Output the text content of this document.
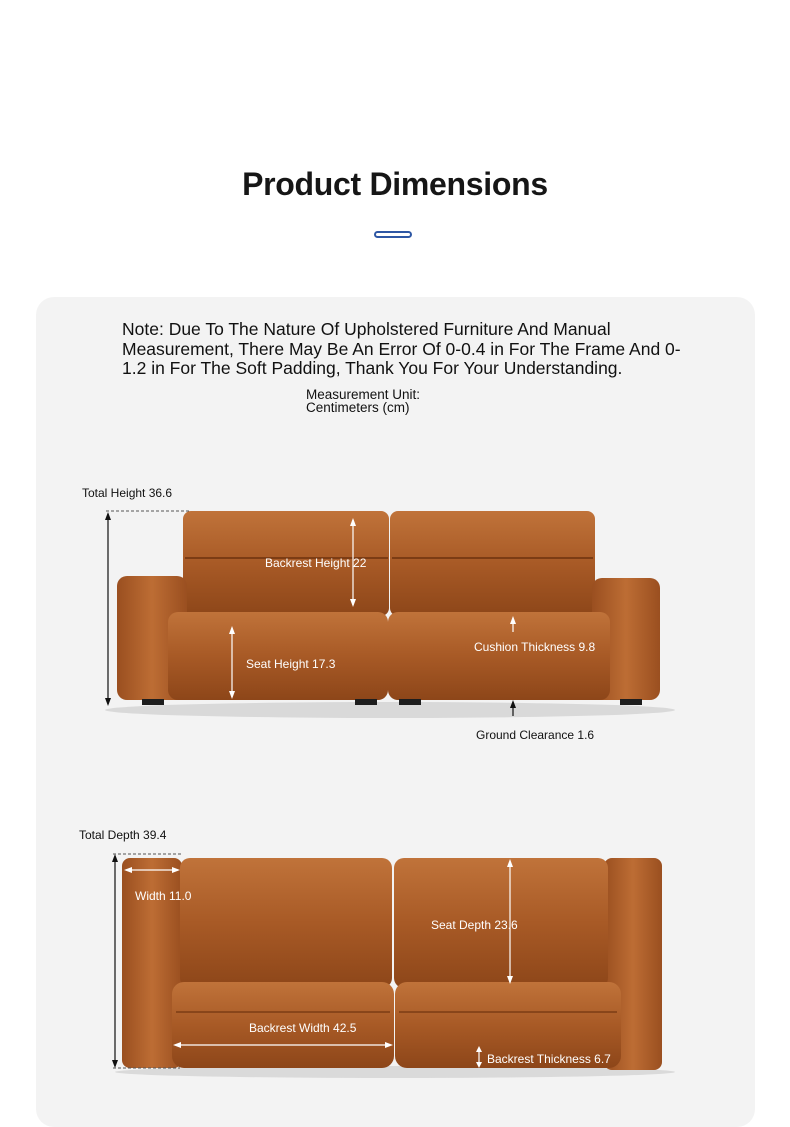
Product Dimensions
Note: Due To The Nature Of Upholstered Furniture And Manual Measurement, There May Be An Error Of 0-0.4 in For The Frame And 0-1.2 in For The Soft Padding, Thank You For Your Understanding.
Measurement Unit:
Centimeters (cm)
Total Height 36.6
Backrest Height 22
Seat Height 17.3
Cushion Thickness 9.8
Ground Clearance 1.6
Total Depth 39.4
Width 11.0
Seat Depth 23.6
Backrest Width 42.5
Backrest Thickness 6.7
